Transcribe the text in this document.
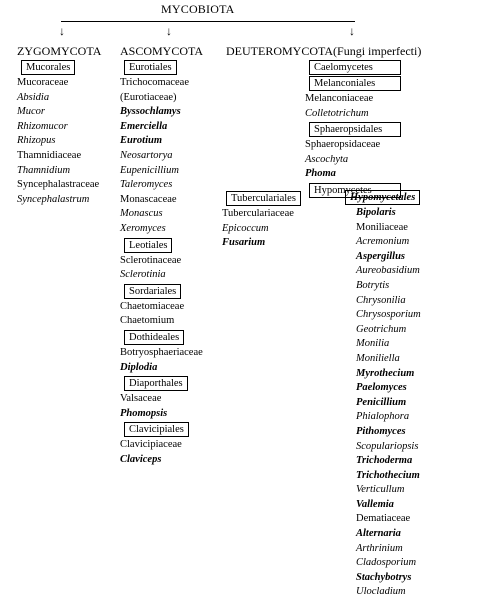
MYCOBIOTA
↓	↓	↓
ZYGOMYCOTA ASCOMYCOTA DEUTEROMYCOTA(Fungi imperfecti)
Mucorales
Mucoraceae
Absidia
Mucor
Rhizomucor
Rhizopus
Thamnidiaceae
Thamnidium
Syncephalastraceae
Syncephalastrum
Eurotiales
Trichocomaceae
(Eurotiaceae)
Byssochlamys
Emerciella
Eurotium
Neosartorya
Eupenicillium
Taleromyces
Monascaceae
Monascus
Xeromyces
Leotiales
Sclerotinaceae
Sclerotinia
Sordariales
Chaetomiaceae
Chaetomium
Dothideales
Botryosphaeriaceae
Diplodia
Diaporthales
Valsaceae
Phomopsis
Clavicipiales
Clavicipiaceae
Claviceps
Caelomycetes
Melanconiales
Melanconiaceae
Colletotrichum
Sphaeropsidales
Sphaeropsidaceae
Ascochyta
Phoma
Hypomycetes
Tuberculariales
Tuberculariaceae
Epicoccum
Fusarium
Hypomycetales
Bipolaris
Moniliaceae
Acremonium
Aspergillus
Aureobasidium
Botrytis
Chrysonilia
Chrysosporium
Geotrichum
Monilia
Moniliella
Myrothecium
Paelomyces
Penicillium
Phialophora
Pithomyces
Scopulariopsis
Trichoderma
Trichothecium
Verticullum
Vallemia
Dematiaceae
Alternaria
Arthrinium
Cladosporium
Stachybotrys
Ulocladium
